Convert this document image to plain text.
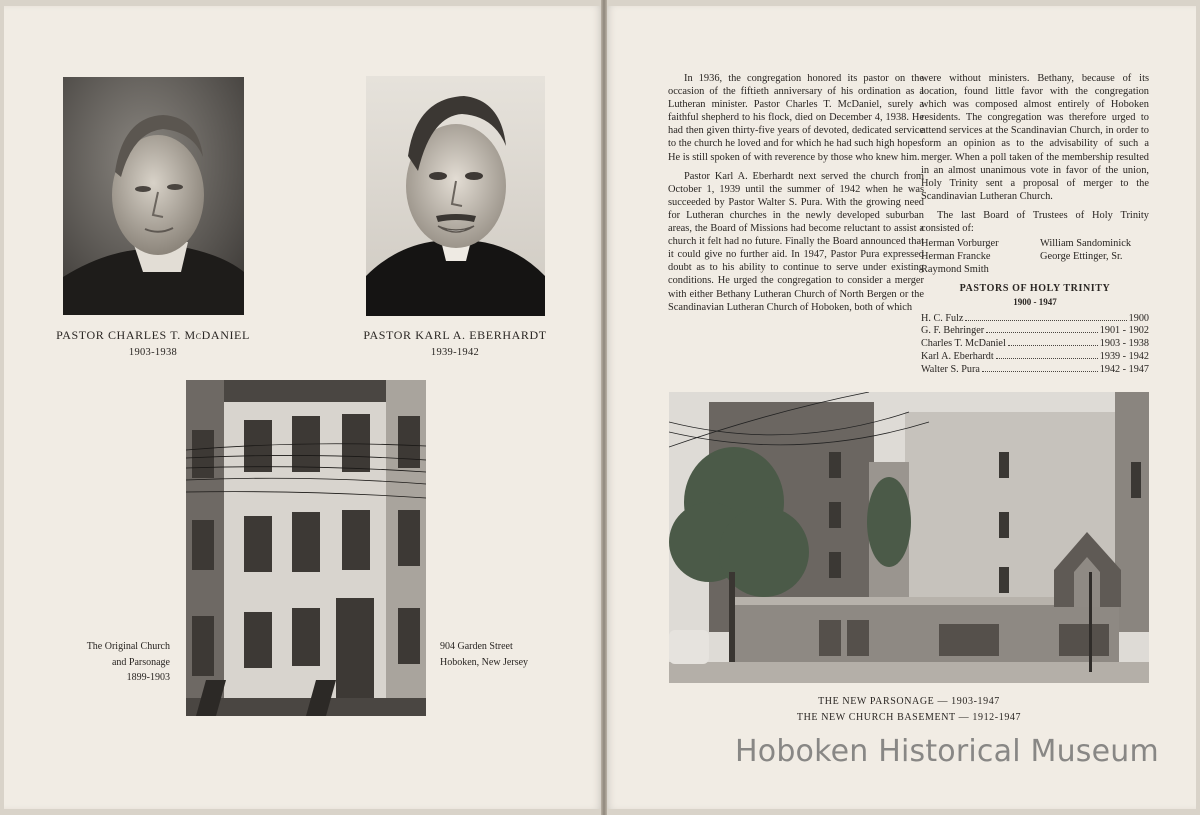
PASTOR CHARLES T. McDANIEL
1903-1938
PASTOR KARL A. EBERHARDT
1939-1942
The Original Church
and Parsonage
1899-1903
904 Garden Street
Hoboken, New Jersey

In 1936, the congregation honored its pastor on the occasion of the fiftieth anniversary of his ordination as a Lutheran minister. Pastor Charles T. McDaniel, surely a faithful shepherd to his flock, died on December 4, 1938. He had then given thirty-five years of devoted, dedicated service to the church he loved and for which he had such high hopes. He is still spoken of with reverence by those who knew him.

Pastor Karl A. Eberhardt next served the church from October 1, 1939 until the summer of 1942 when he was succeeded by Pastor Walter S. Pura. With the growing need for Lutheran churches in the newly developed suburban areas, the Board of Missions had become reluctant to assist a church it felt had no future. Finally the Board announced that it could give no further aid. In 1947, Pastor Pura expressed doubt as to his ability to continue to serve under existing conditions. He urged the congregation to consider a merger with either Bethany Lutheran Church of North Bergen or the Scandinavian Lutheran Church of Hoboken, both of which

were without ministers. Bethany, because of its location, found little favor with the congregation which was composed almost entirely of Hoboken residents. The congregation was therefore urged to attend services at the Scandinavian Church, in order to form an opinion as to the advisability of such a merger. When a poll taken of the membership resulted in an almost unanimous vote in favor of the union, Holy Trinity sent a proposal of merger to the Scandinavian Lutheran Church.

The last Board of Trustees of Holy Trinity consisted of:

Herman Vorburger	William Sandominick
Herman Francke	George Ettinger, Sr.
Raymond Smith
PASTORS OF HOLY TRINITY
1900 - 1947
H. C. Fulz	1900
G. F. Behringer	1901 - 1902
Charles T. McDaniel	1903 - 1938
Karl A. Eberhardt	1939 - 1942
Walter S. Pura	1942 - 1947
THE NEW PARSONAGE — 1903-1947
THE NEW CHURCH BASEMENT — 1912-1947
Hoboken Historical Museum
